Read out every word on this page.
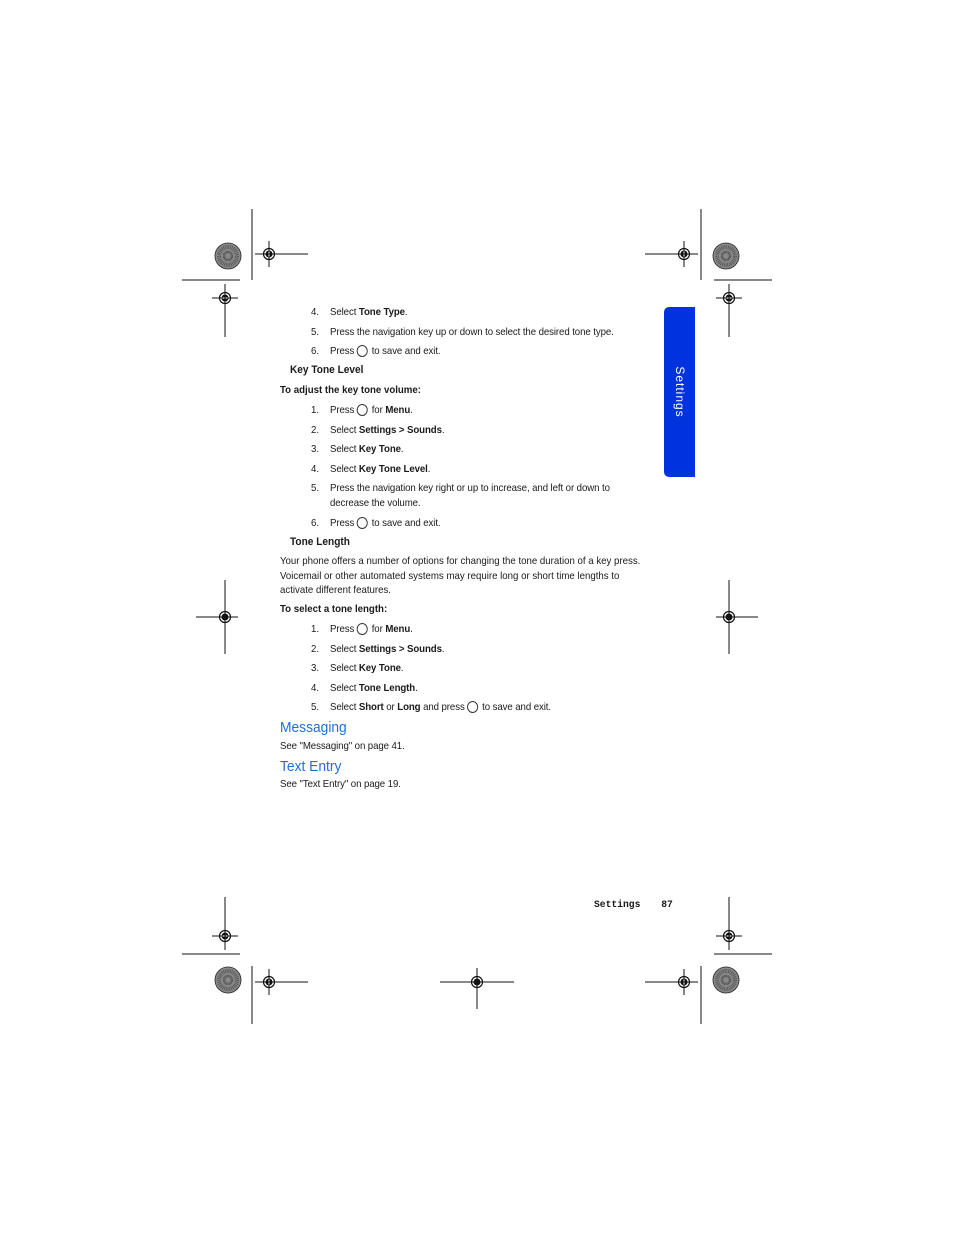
Settings
4. Select Tone Type.
5. Press the navigation key up or down to select the desired tone type.
6. Press to save and exit.
Key Tone Level
To adjust the key tone volume:
1. Press for Menu.
2. Select Settings > Sounds.
3. Select Key Tone.
4. Select Key Tone Level.
5. Press the navigation key right or up to increase, and left or down to
decrease the volume.
6. Press to save and exit.
Tone Length
Your phone offers a number of options for changing the tone duration of a key press. Voicemail or other automated systems may require long or short time lengths to activate different features.
To select a tone length:
1. Press for Menu.
2. Select Settings > Sounds.
3. Select Key Tone.
4. Select Tone Length.
5. Select Short or Long and press to save and exit.
Messaging
See "Messaging" on page 41.
Text Entry
See "Text Entry" on page 19.
Settings 87
